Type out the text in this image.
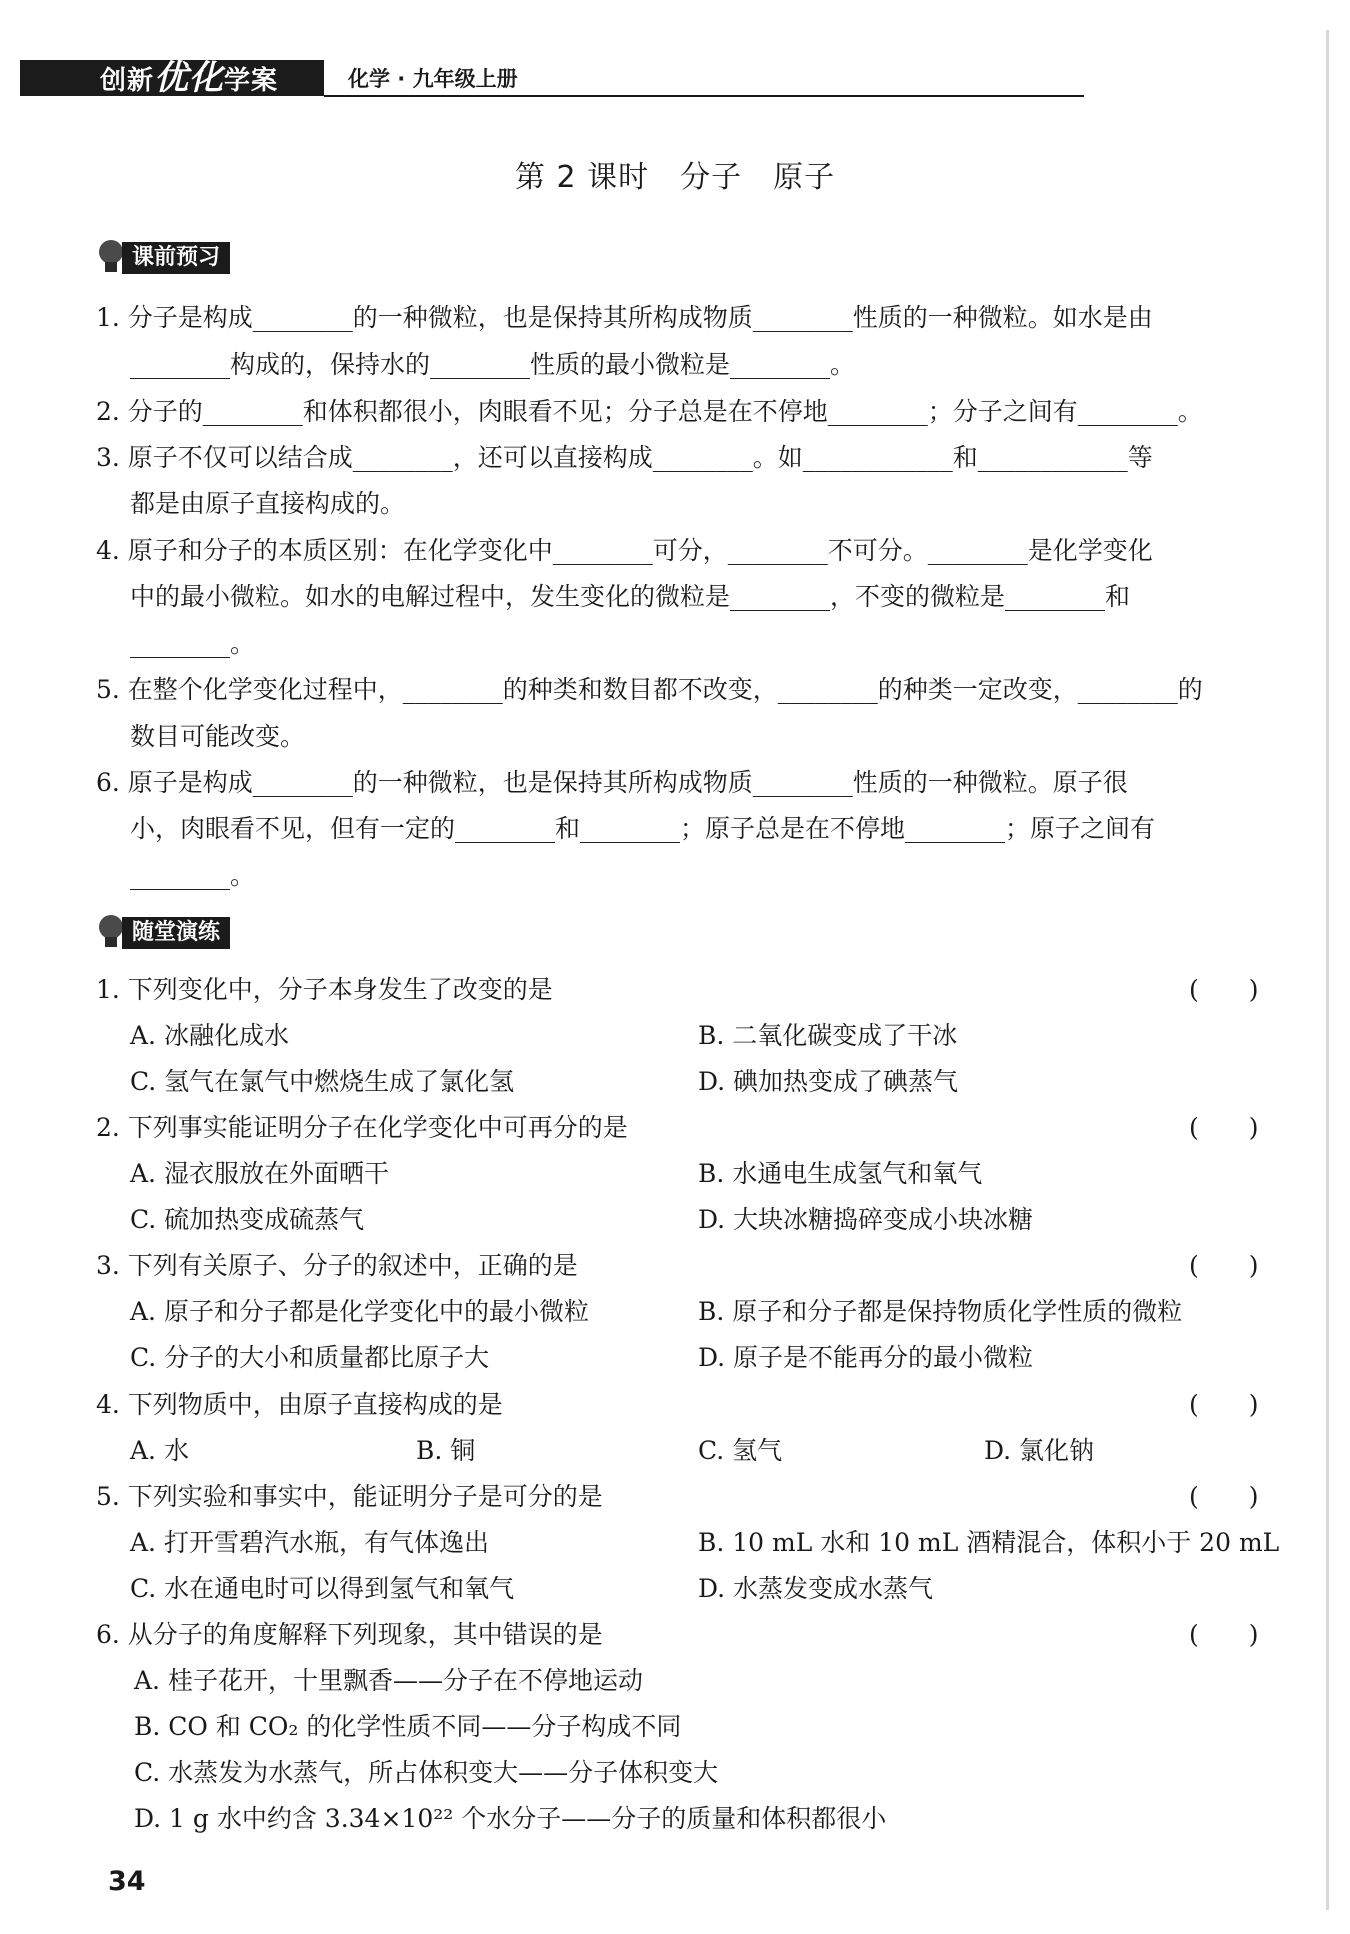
创新优化学案	化学 · 九年级上册
第 2 课时　分子　原子
课前预习
1. 分子是构成________的一种微粒，也是保持其所构成物质________性质的一种微粒。如水是由
________构成的，保持水的________性质的最小微粒是________。
2. 分子的________和体积都很小，肉眼看不见；分子总是在不停地________；分子之间有________。
3. 原子不仅可以结合成________，还可以直接构成________。如____________和____________等
都是由原子直接构成的。
4. 原子和分子的本质区别：在化学变化中________可分，________不可分。________是化学变化
中的最小微粒。如水的电解过程中，发生变化的微粒是________，不变的微粒是________和
________。
5. 在整个化学变化过程中，________的种类和数目都不改变，________的种类一定改变，________的
数目可能改变。
6. 原子是构成________的一种微粒，也是保持其所构成物质________性质的一种微粒。原子很
小，肉眼看不见，但有一定的________和________；原子总是在不停地________；原子之间有
________。
随堂演练
1. 下列变化中，分子本身发生了改变的是	(　　)
A. 冰融化成水	B. 二氧化碳变成了干冰
C. 氢气在氯气中燃烧生成了氯化氢	D. 碘加热变成了碘蒸气
2. 下列事实能证明分子在化学变化中可再分的是	(　　)
A. 湿衣服放在外面晒干	B. 水通电生成氢气和氧气
C. 硫加热变成硫蒸气	D. 大块冰糖捣碎变成小块冰糖
3. 下列有关原子、分子的叙述中，正确的是	(　　)
A. 原子和分子都是化学变化中的最小微粒	B. 原子和分子都是保持物质化学性质的微粒
C. 分子的大小和质量都比原子大	D. 原子是不能再分的最小微粒
4. 下列物质中，由原子直接构成的是	(　　)
A. 水	B. 铜	C. 氢气	D. 氯化钠
5. 下列实验和事实中，能证明分子是可分的是	(　　)
A. 打开雪碧汽水瓶，有气体逸出	B. 10 mL 水和 10 mL 酒精混合，体积小于 20 mL
C. 水在通电时可以得到氢气和氧气	D. 水蒸发变成水蒸气
6. 从分子的角度解释下列现象，其中错误的是	(　　)
A. 桂子花开，十里飘香——分子在不停地运动
B. CO 和 CO₂ 的化学性质不同——分子构成不同
C. 水蒸发为水蒸气，所占体积变大——分子体积变大
D. 1 g 水中约含 3.34×10²² 个水分子——分子的质量和体积都很小
34
